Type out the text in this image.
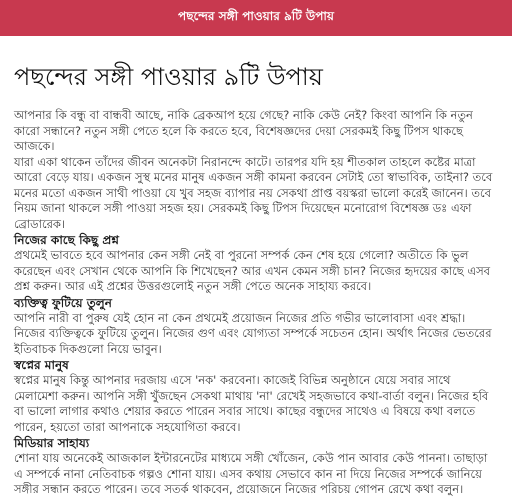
পছন্দের সঙ্গী পাওয়ার ৯টি উপায়
পছন্দের সঙ্গী পাওয়ার ৯টি উপায়

আপনার কি বন্ধু বা বান্ধবী আছে, নাকি ব্রেকআপ হয়ে গেছে? নাকি কেউ নেই? কিংবা আপনি কি নতুন কারো সন্ধানে? নতুন সঙ্গী পেতে হলে কি করতে হবে, বিশেষজ্ঞদের দেয়া সেরকমই কিছু টিপস থাকছে আজকে।

যারা একা থাকেন তাঁদের জীবন অনেকটা নিরানন্দে কাটে। তারপর যদি হয় শীতকাল তাহলে কষ্টের মাত্রা আরো বেড়ে যায়। একজন সুস্থ মনের মানুষ একজন সঙ্গী কামনা করবেন সেটাই তো স্বাভাবিক, তাইনা? তবে মনের মতো একজন সাথী পাওয়া যে খুব সহজ ব্যাপার নয় সেকথা প্রাপ্ত বয়স্করা ভালো করেই জানেন। তবে নিয়ম জানা থাকলে সঙ্গী পাওয়া সহজ হয়। সেরকমই কিছু টিপস দিয়েছেন মনোরোগ বিশেষজ্ঞ ডঃ এফা ব্রোডারেক।

নিজের কাছে কিছু প্রশ্ন

প্রথমেই ভাবতে হবে আপনার কেন সঙ্গী নেই বা পুরনো সম্পর্ক কেন শেষ হয়ে গেলো? অতীতে কি ভুল করেছেন এবং সেখান থেকে আপনি কি শিখেছেন? আর এখন কেমন সঙ্গী চান? নিজের হৃদয়ের কাছে এসব প্রশ্ন করুন। আর এই প্রশ্নের উত্তরগুলোই নতুন সঙ্গী পেতে অনেক সাহায্য করবে।

ব্যক্তিত্ব ফুটিয়ে তুলুন

আপনি নারী বা পুরুষ যেই হোন না কেন প্রথমেই প্রয়োজন নিজের প্রতি গভীর ভালোবাসা এবং শ্রদ্ধা। নিজের ব্যক্তিত্বকে ফুটিয়ে তুলুন। নিজের গুণ এবং যোগ্যতা সম্পর্কে সচেতন হোন। অর্থাৎ নিজের ভেতরের ইতিবাচক দিকগুলো নিয়ে ভাবুন।

স্বপ্নের মানুষ

স্বপ্নের মানুষ কিন্তু আপনার দরজায় এসে 'নক' করবেনা। কাজেই বিভিন্ন অনুষ্ঠানে যেয়ে সবার সাথে মেলামেশা করুন। আপনি সঙ্গী খুঁজছেন সেকথা মাথায় 'না' রেখেই সহজভাবে কথা-বার্তা বলুন। নিজের হবি বা ভালো লাগার কথাও শেয়ার করতে পারেন সবার সাথে। কাছের বন্ধুদের সাথেও এ বিষয়ে কথা বলতে পারেন, হয়তো তারা আপনাকে সহযোগিতা করবে।

মিডিয়ার সাহায্য

শোনা যায় অনেকেই আজকাল ইন্টারনেটের মাধ্যমে সঙ্গী খোঁজেন, কেউ পান আবার কেউ পাননা। তাছাড়া এ সম্পর্কে নানা নেতিবাচক গল্পও শোনা যায়। এসব কথায় সেভাবে কান না দিয়ে নিজের সম্পর্কে জানিয়ে সঙ্গীর সন্ধান করতে পারেন। তবে সতর্ক থাকবেন, প্রয়োজনে নিজের পরিচয় গোপন রেখে কথা বলুন।
